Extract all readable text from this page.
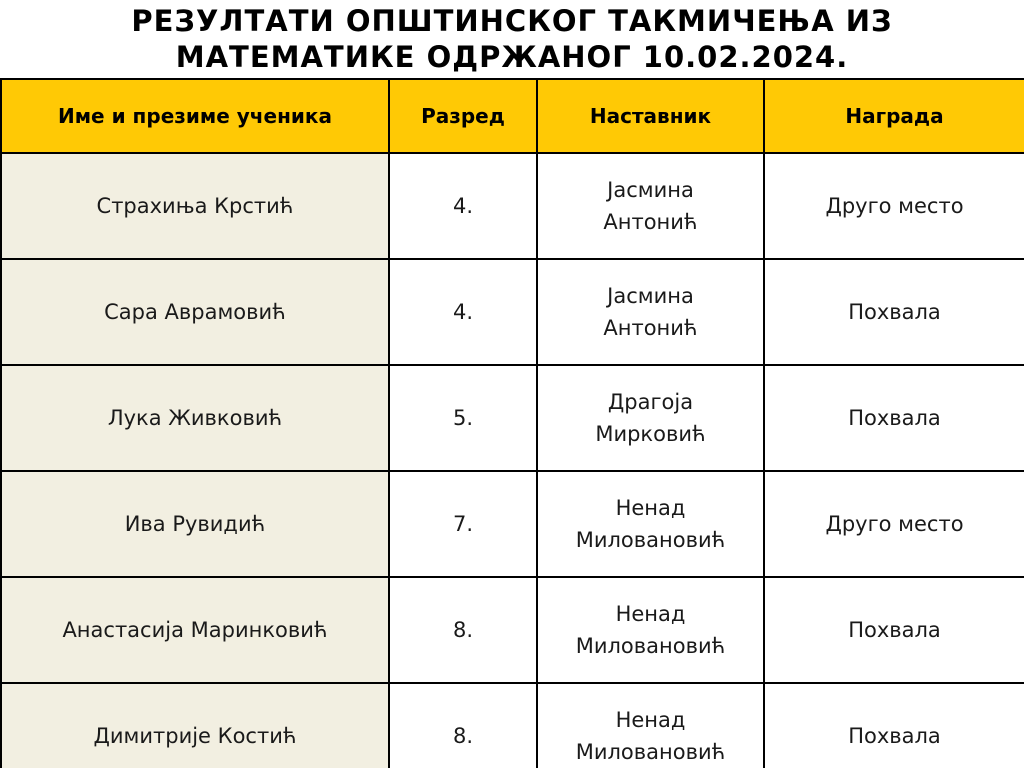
РЕЗУЛТАТИ ОПШТИНСКОГ ТАКМИЧЕЊА ИЗ
МАТЕМАТИКЕ ОДРЖАНОГ 10.02.2024.
Име и презиме ученика	Разред	Наставник	Награда
Страхиња Крстић	4.	Јасмина Антонић	Друго место
Сара Аврамовић	4.	Јасмина Антонић	Похвала
Лука Живковић	5.	Драгоја Мирковић	Похвала
Ива Рувидић	7.	Ненад Миловановић	Друго место
Анастасија Маринковић	8.	Ненад Миловановић	Похвала
Димитрије Костић	8.	Ненад Миловановић	Похвала
